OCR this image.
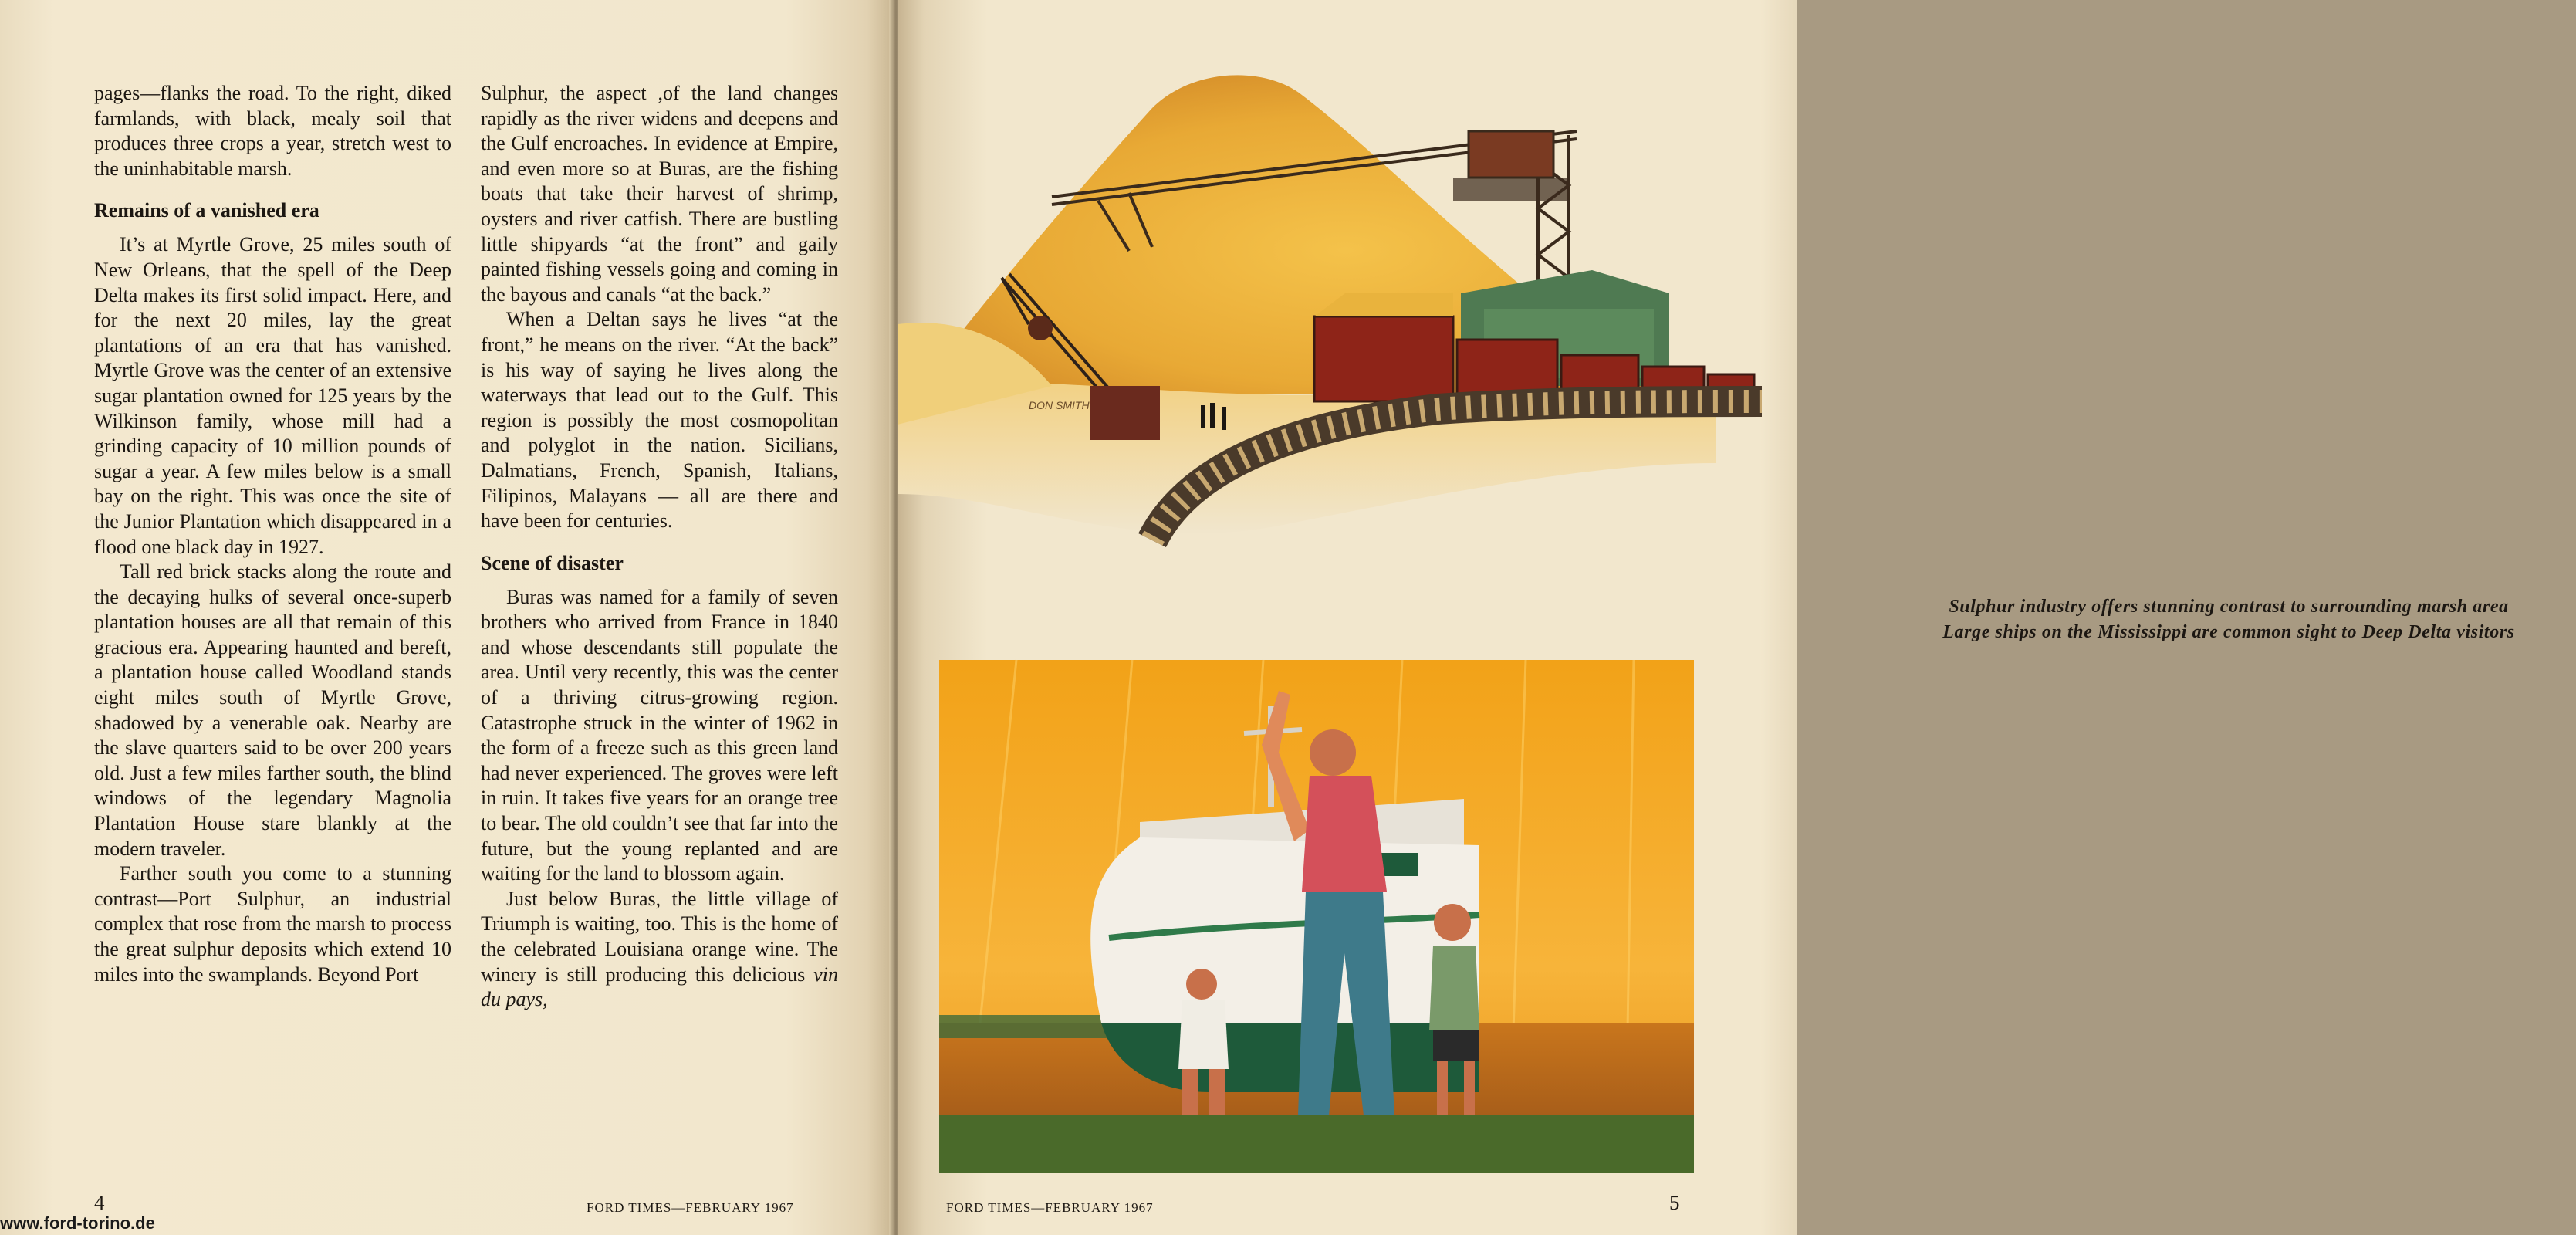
pages—flanks the road. To the right, diked farmlands, with black, mealy soil that produces three crops a year, stretch west to the uninhabitable marsh.

Remains of a vanished era

It’s at Myrtle Grove, 25 miles south of New Orleans, that the spell of the Deep Delta makes its first solid impact. Here, and for the next 20 miles, lay the great plantations of an era that has vanished. Myrtle Grove was the center of an extensive sugar plantation owned for 125 years by the Wilkinson family, whose mill had a grinding capacity of 10 million pounds of sugar a year. A few miles below is a small bay on the right. This was once the site of the Junior Plantation which disappeared in a flood one black day in 1927.

Tall red brick stacks along the route and the decaying hulks of several once-superb plantation houses are all that remain of this gracious era. Appearing haunted and bereft, a plantation house called Woodland stands eight miles south of Myrtle Grove, shadowed by a venerable oak. Nearby are the slave quarters said to be over 200 years old. Just a few miles farther south, the blind windows of the legendary Magnolia Plantation House stare blankly at the modern traveler.

Farther south you come to a stunning contrast—Port Sulphur, an industrial complex that rose from the marsh to process the great sulphur deposits which extend 10 miles into the swamplands. Beyond Port

Sulphur, the aspect ,of the land changes rapidly as the river widens and deepens and the Gulf encroaches. In evidence at Empire, and even more so at Buras, are the fishing boats that take their harvest of shrimp, oysters and river catfish. There are bustling little shipyards “at the front” and gaily painted fishing vessels going and coming in the bayous and canals “at the back.”

When a Deltan says he lives “at the front,” he means on the river. “At the back” is his way of saying he lives along the waterways that lead out to the Gulf. This region is possibly the most cosmopolitan and polyglot in the nation. Sicilians, Dalmatians, French, Spanish, Italians, Filipinos, Malayans — all are there and have been for centuries.

Scene of disaster

Buras was named for a family of seven brothers who arrived from France in 1840 and whose descendants still populate the area. Until very recently, this was the center of a thriving citrus-growing region. Catastrophe struck in the winter of 1962 in the form of a freeze such as this green land had never experienced. The groves were left in ruin. It takes five years for an orange tree to bear. The old couldn’t see that far into the future, but the young replanted and are waiting for the land to blossom again.

Just below Buras, the little village of Triumph is waiting, too. This is the home of the celebrated Louisiana orange wine. The winery is still producing this delicious vin du pays,

4	FORD TIMES—FEBRUARY 1967
DON SMITH
Sulphur industry offers stunning contrast to surrounding marsh area
Large ships on the Mississippi are common sight to Deep Delta visitors
FORD TIMES—FEBRUARY 1967	5
www.ford-torino.de
